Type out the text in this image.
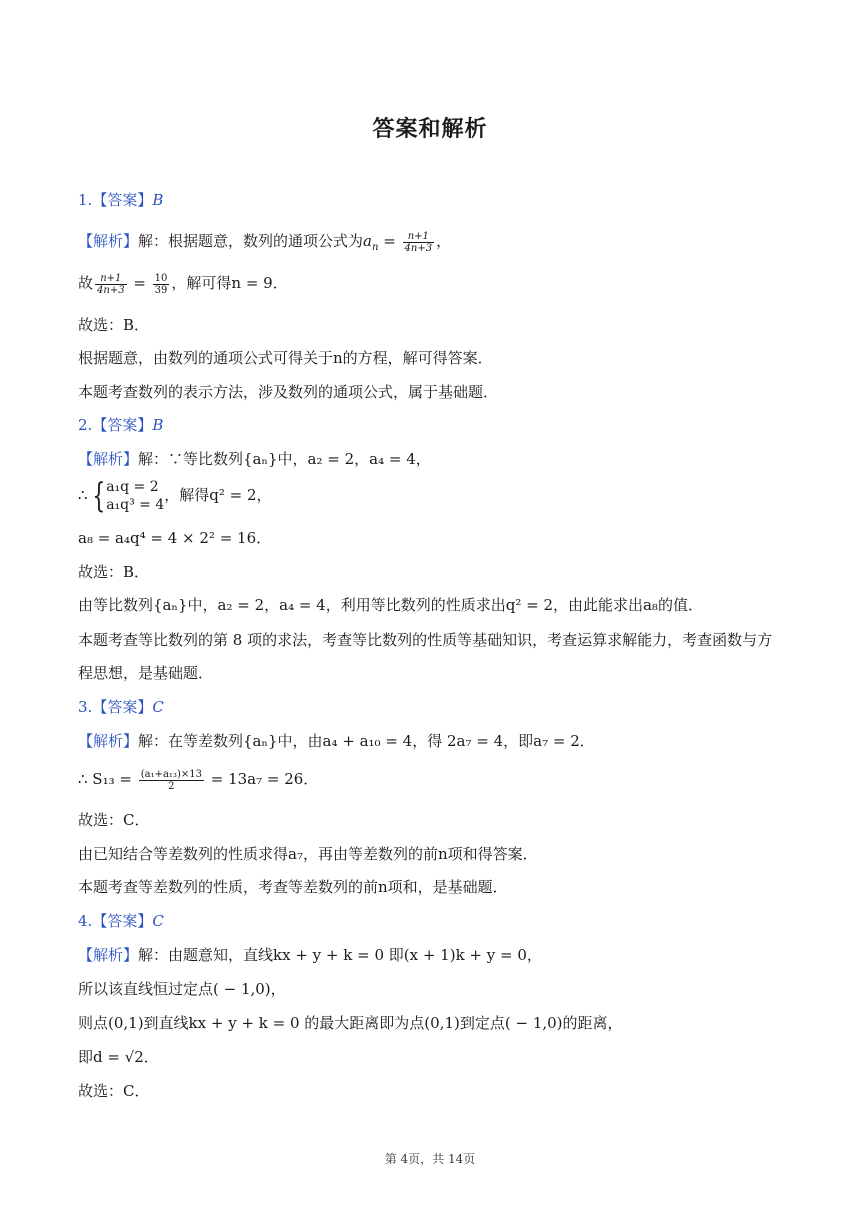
答案和解析
1.【答案】B
【解析】解：根据题意，数列的通项公式为$a_n = \frac{n+1}{4n+3}$ ，
故 $\frac{n+1}{4n+3} = \frac{10}{39}$ ，解可得n = 9．
故选：B．
根据题意，由数列的通项公式可得关于n的方程，解可得答案．
本题考查数列的表示方法，涉及数列的通项公式，属于基础题．
2.【答案】B
【解析】解：∵等比数列{aₙ}中，a₂ = 2，a₄ = 4，
∴ { a₁q = 2
a₁q³ = 4
，解得q² = 2，
a₈ = a₄q⁴ = 4 × 2² = 16．
故选：B．
由等比数列{aₙ}中，a₂ = 2，a₄ = 4，利用等比数列的性质求出q² = 2，由此能求出a₈的值．
本题考查等比数列的第 8 项的求法，考查等比数列的性质等基础知识，考查运算求解能力，考查函数与方
程思想，是基础题．
3.【答案】C
【解析】解：在等差数列{aₙ}中，由a₄ + a₁₀ = 4，得 2a₇ = 4，即a₇ = 2．
∴ $S_{13} = \frac{\text{(a₁+a₁₃)×13}}{2} = 13a_7 = 26$．
故选：C．
由已知结合等差数列的性质求得a₇，再由等差数列的前n项和得答案．
本题考查等差数列的性质，考查等差数列的前n项和，是基础题．
4.【答案】C
【解析】解：由题意知，直线kx + y + k = 0 即(x + 1)k + y = 0，
所以该直线恒过定点( − 1,0)，
则点(0,1)到直线kx + y + k = 0 的最大距离即为点(0,1)到定点( − 1,0)的距离，
即d = √2．
故选：C．
第 4页，共 14页
